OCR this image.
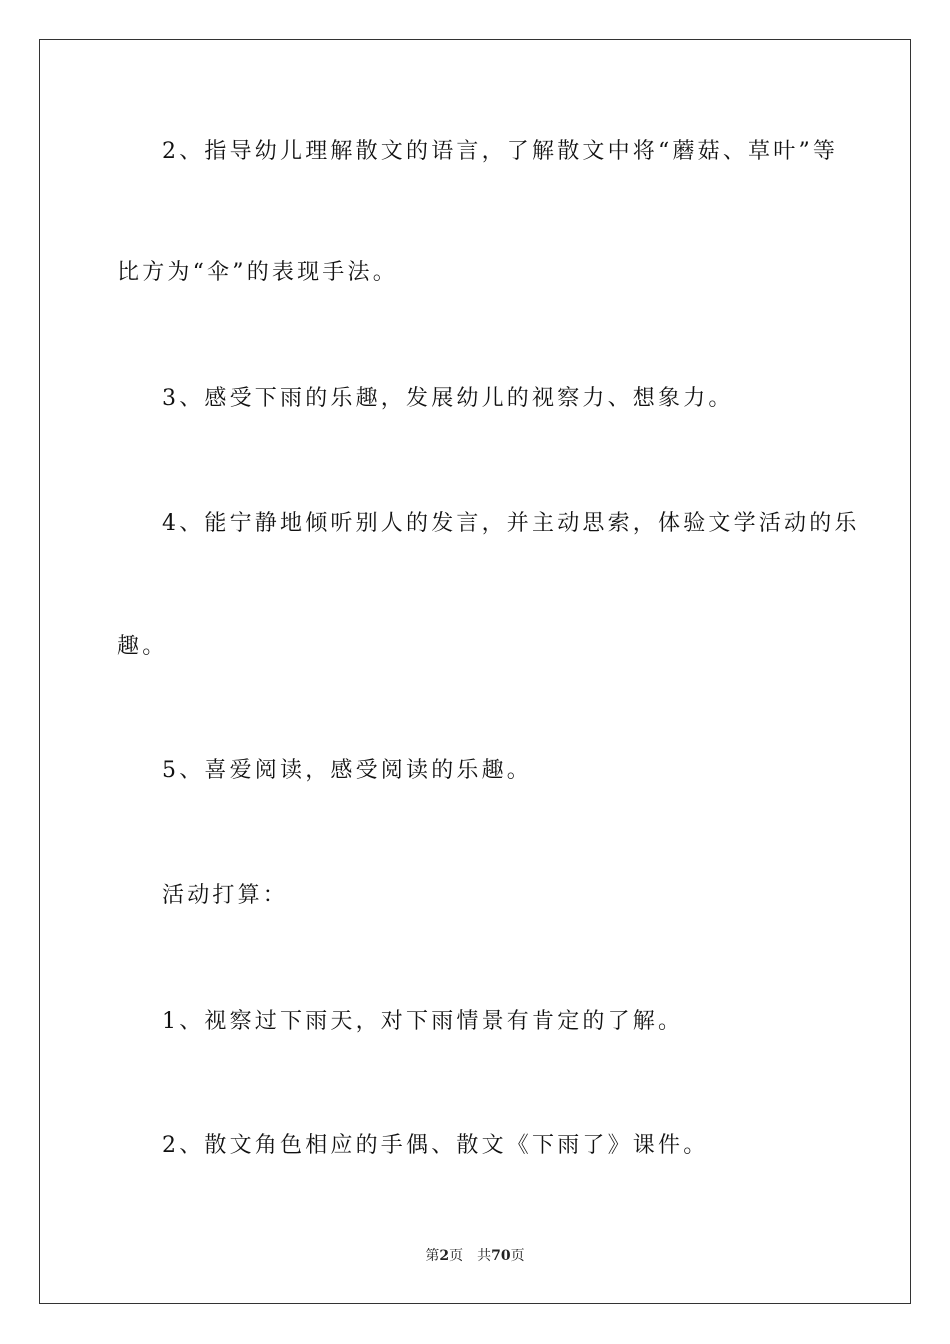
2、指导幼儿理解散文的语言，了解散文中将“蘑菇、草叶”等
比方为“伞”的表现手法。
3、感受下雨的乐趣，发展幼儿的视察力、想象力。
4、能宁静地倾听别人的发言，并主动思索，体验文学活动的乐
趣。
5、喜爱阅读，感受阅读的乐趣。
活动打算：
1、视察过下雨天，对下雨情景有肯定的了解。
2、散文角色相应的手偶、散文《下雨了》课件。
第2页 共70页
